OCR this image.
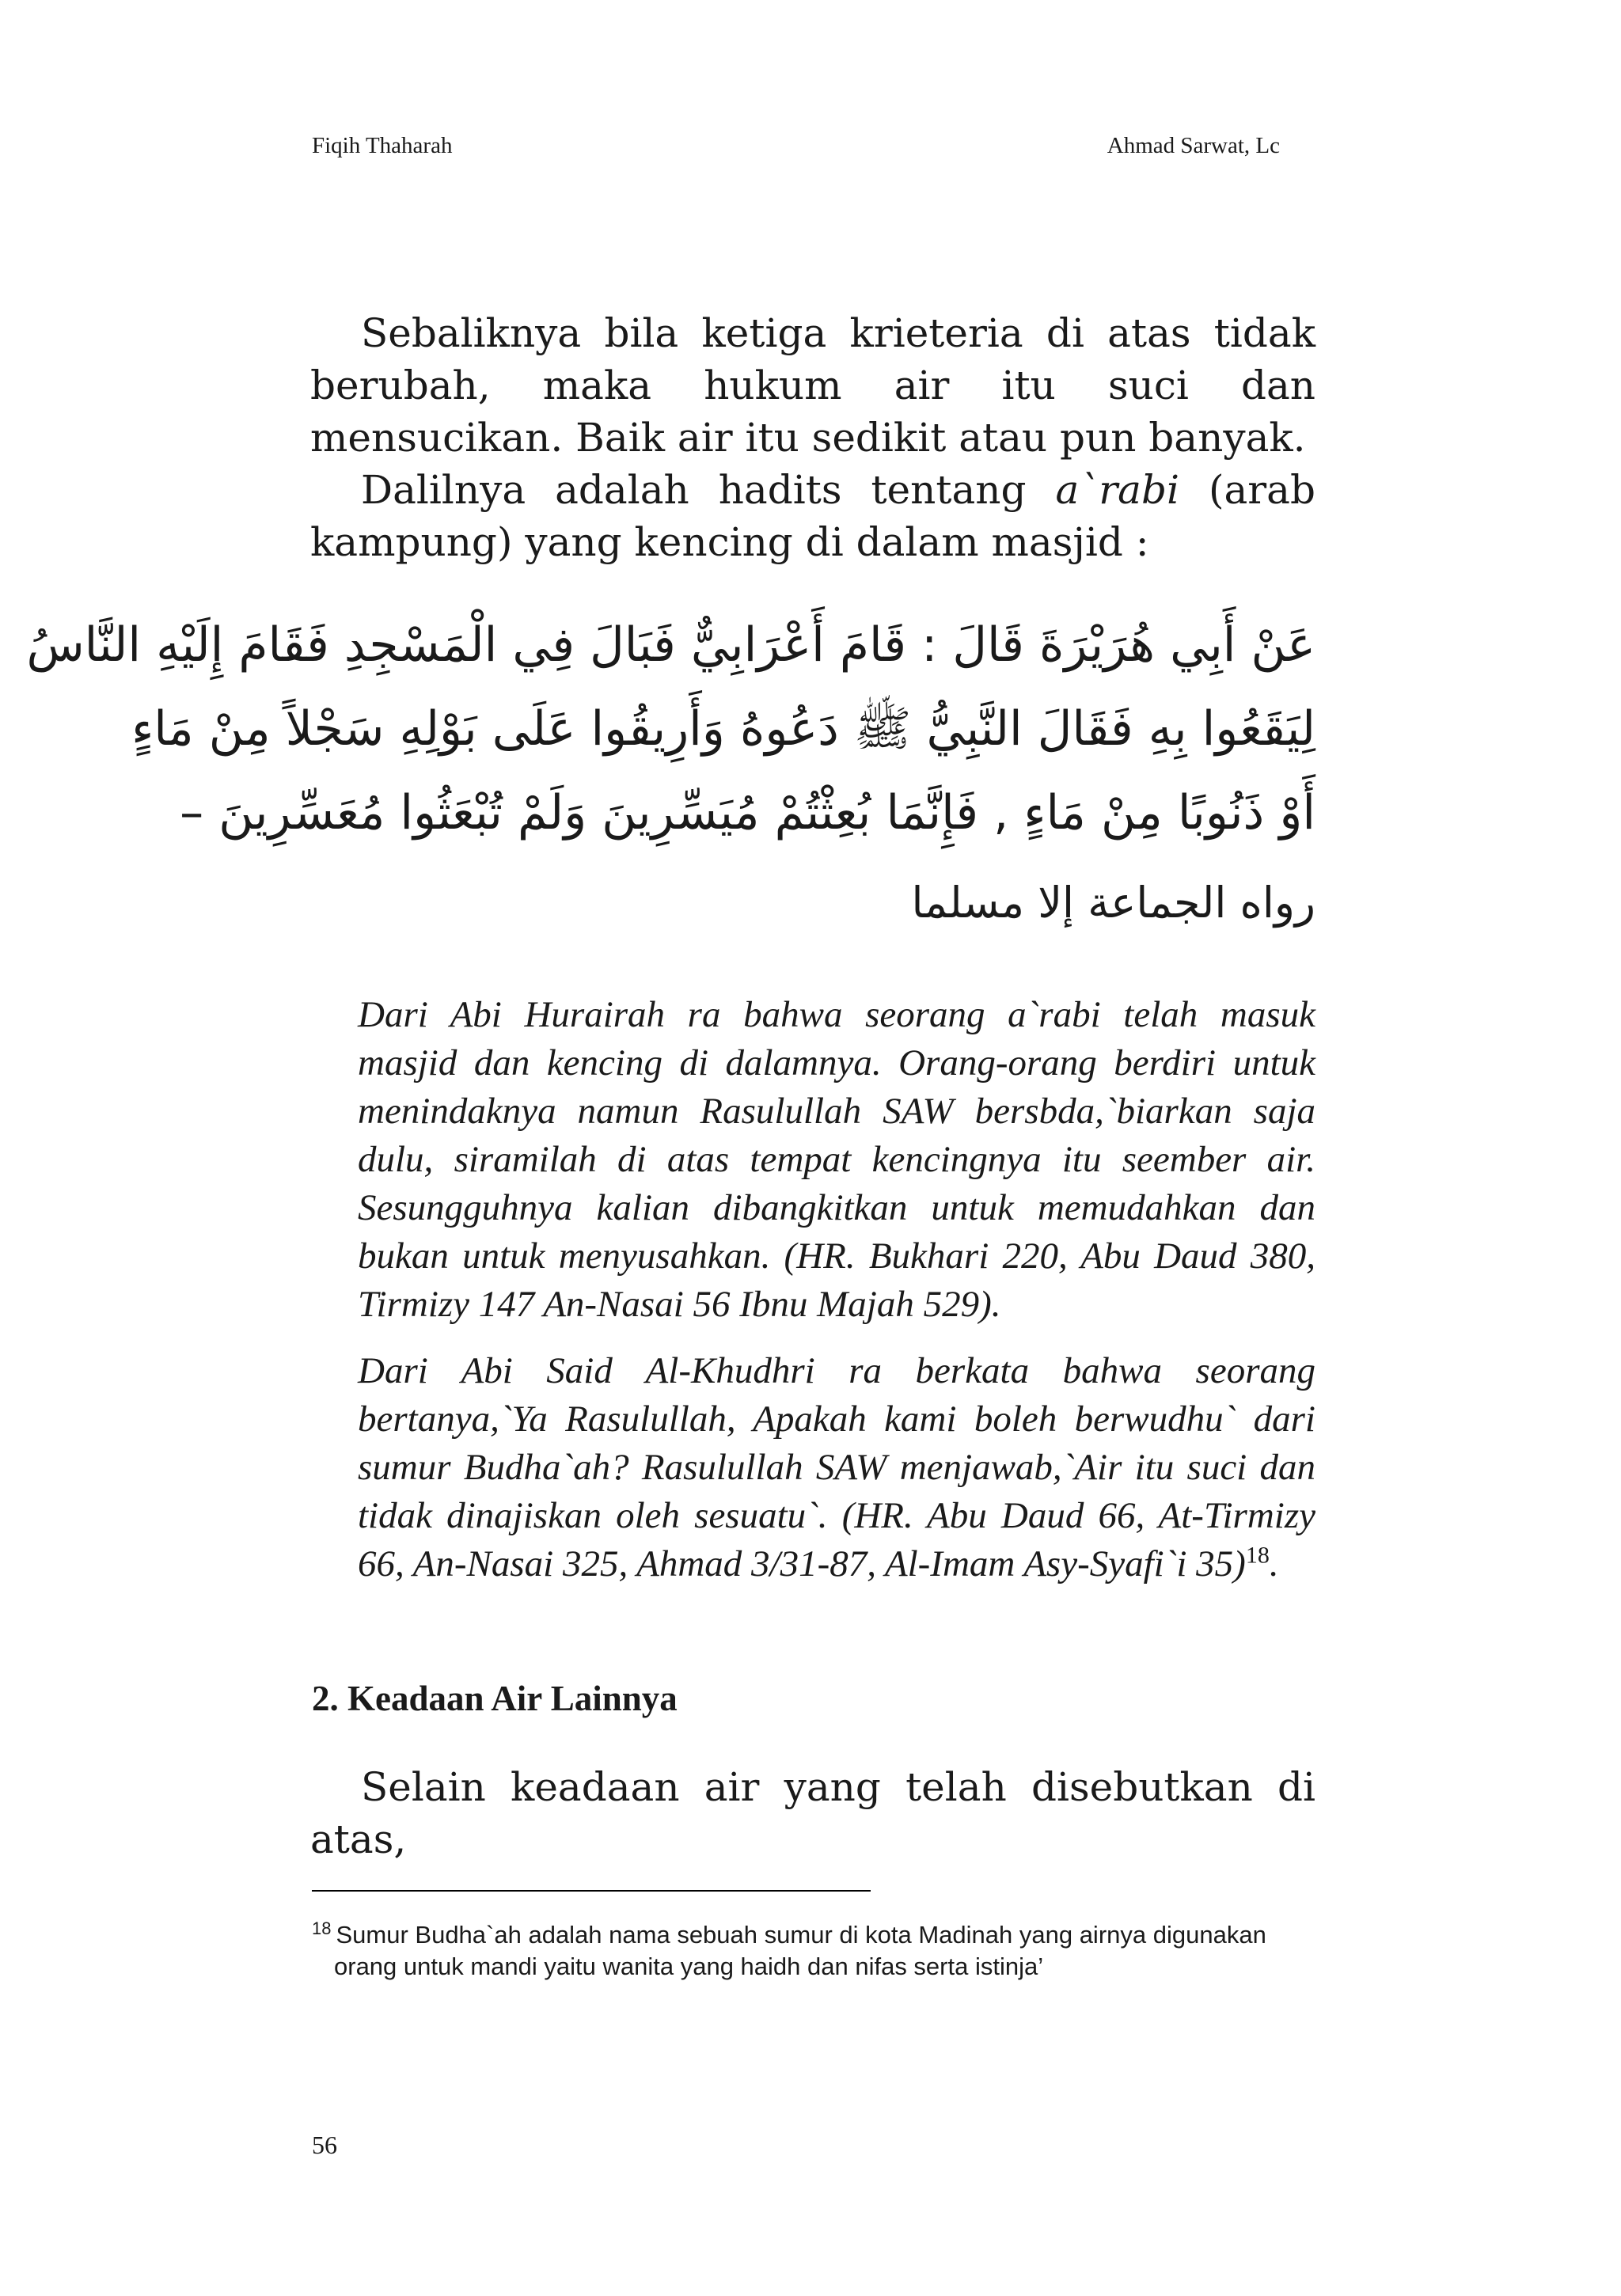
Fiqih Thaharah	Ahmad Sarwat, Lc

Sebaliknya bila ketiga krieteria di atas tidak berubah, maka hukum air itu suci dan mensucikan. Baik air itu sedikit atau pun banyak.

Dalilnya adalah hadits tentang a`rabi (arab kampung) yang kencing di dalam masjid :

عَنْ أَبِي هُرَيْرَةَ قَالَ : قَامَ أَعْرَابِيٌّ فَبَالَ فِي الْمَسْجِدِ فَقَامَ إِلَيْهِ النَّاسُ
لِيَقَعُوا بِهِ فَقَالَ النَّبِيُّ ﷺ دَعُوهُ وَأَرِيقُوا عَلَى بَوْلِهِ سَجْلاً مِنْ مَاءٍ
أَوْ ذَنُوبًا مِنْ مَاءٍ , فَإِنَّمَا بُعِثْتُمْ مُيَسِّرِينَ وَلَمْ تُبْعَثُوا مُعَسِّرِينَ –
رواه الجماعة إلا مسلما
Dari Abi Hurairah ra bahwa seorang a`rabi telah masuk masjid dan kencing di dalamnya. Orang-orang berdiri untuk menindaknya namun Rasulullah SAW bersbda,`biarkan saja dulu, siramilah di atas tempat kencingnya itu seember air. Sesungguhnya kalian dibangkitkan untuk memudahkan dan bukan untuk menyusahkan. (HR. Bukhari 220, Abu Daud 380, Tirmizy 147 An-Nasai 56 Ibnu Majah 529).
Dari Abi Said Al-Khudhri ra berkata bahwa seorang bertanya,`Ya Rasulullah, Apakah kami boleh berwudhu` dari sumur Budha`ah? Rasulullah SAW menjawab,`Air itu suci dan tidak dinajiskan oleh sesuatu`. (HR. Abu Daud 66, At-Tirmizy 66, An-Nasai 325, Ahmad 3/31-87, Al-Imam Asy-Syafi`i 35)$^{18}$.
2. Keadaan Air Lainnya

Selain keadaan air yang telah disebutkan di atas,

$^{18}$ Sumur Budha`ah adalah nama sebuah sumur di kota Madinah yang airnya digunakan
orang untuk mandi yaitu wanita yang haidh dan nifas serta istinja’
56
